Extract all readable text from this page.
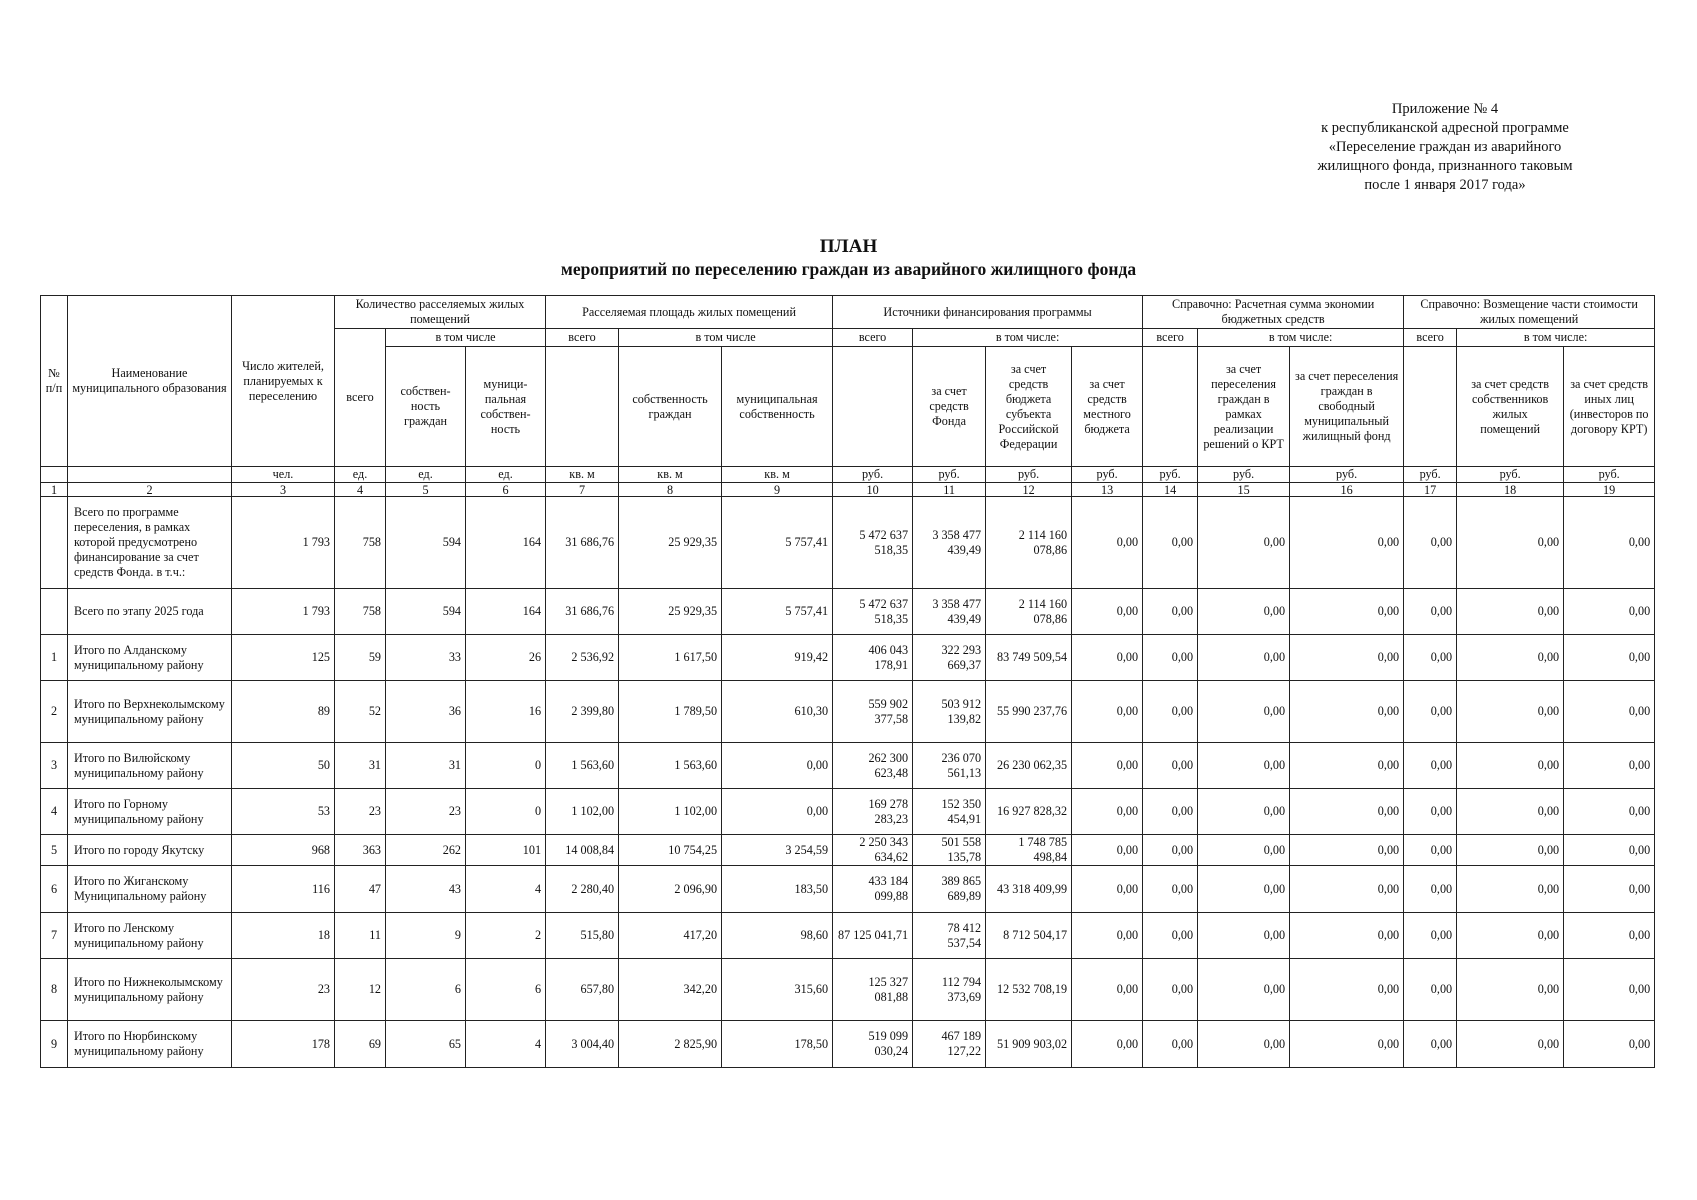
Приложение № 4
к республиканской адресной программе
«Переселение граждан из аварийного
жилищного фонда, признанного таковым
после 1 января 2017 года»
ПЛАН
мероприятий по переселению граждан из аварийного жилищного фонда
№ п/п	Наименование муниципального образования	Число жителей, планируемых к переселению	Количество расселяемых жилых помещений			Расселяемая площадь жилых помещений			Источники финансирования программы				Справочно: Расчетная сумма экономии бюджетных средств			Справочно: Возмещение части стоимости жилых помещений		
			всего	в том числе		всего	в том числе		всего	в том числе:			всего	в том числе:		всего	в том числе:	
				собствен-ность граждан	муници-пальная собствен-ность		собственность граждан	муниципальная собственность		за счет средств Фонда	за счет средств бюджета субъекта Российской Федерации	за счет средств местного бюджета		за счет переселения граждан в рамках реализации решений о КРТ	за счет переселения граждан в свободный муниципальный жилищный фонд		за счет средств собственников жилых помещений	за счет средств иных лиц (инвесторов по договору КРТ)
		чел.	ед.	ед.	ед.	кв. м	кв. м	кв. м	руб.	руб.	руб.	руб.	руб.	руб.	руб.	руб.	руб.	руб.
1	2	3	4	5	6	7	8	9	10	11	12	13	14	15	16	17	18	19
	Всего по программе переселения, в рамках которой предусмотрено финансирование за счет средств Фонда. в т.ч.:	1 793	758	594	164	31 686,76	25 929,35	5 757,41	5 472 637 518,35	3 358 477 439,49	2 114 160 078,86	0,00	0,00	0,00	0,00	0,00	0,00	0,00
	Всего по этапу 2025 года	1 793	758	594	164	31 686,76	25 929,35	5 757,41	5 472 637 518,35	3 358 477 439,49	2 114 160 078,86	0,00	0,00	0,00	0,00	0,00	0,00	0,00
1	Итого по Алданскому муниципальному району	125	59	33	26	2 536,92	1 617,50	919,42	406 043 178,91	322 293 669,37	83 749 509,54	0,00	0,00	0,00	0,00	0,00	0,00	0,00
2	Итого по Верхнеколымскому муниципальному району	89	52	36	16	2 399,80	1 789,50	610,30	559 902 377,58	503 912 139,82	55 990 237,76	0,00	0,00	0,00	0,00	0,00	0,00	0,00
3	Итого по Вилюйскому муниципальному району	50	31	31	0	1 563,60	1 563,60	0,00	262 300 623,48	236 070 561,13	26 230 062,35	0,00	0,00	0,00	0,00	0,00	0,00	0,00
4	Итого по Горному муниципальному району	53	23	23	0	1 102,00	1 102,00	0,00	169 278 283,23	152 350 454,91	16 927 828,32	0,00	0,00	0,00	0,00	0,00	0,00	0,00
5	Итого по городу Якутску	968	363	262	101	14 008,84	10 754,25	3 254,59	2 250 343 634,62	501 558 135,78	1 748 785 498,84	0,00	0,00	0,00	0,00	0,00	0,00	0,00
6	Итого по Жиганскому Муниципальному району	116	47	43	4	2 280,40	2 096,90	183,50	433 184 099,88	389 865 689,89	43 318 409,99	0,00	0,00	0,00	0,00	0,00	0,00	0,00
7	Итого по Ленскому муниципальному району	18	11	9	2	515,80	417,20	98,60	87 125 041,71	78 412 537,54	8 712 504,17	0,00	0,00	0,00	0,00	0,00	0,00	0,00
8	Итого по Нижнеколымскому муниципальному району	23	12	6	6	657,80	342,20	315,60	125 327 081,88	112 794 373,69	12 532 708,19	0,00	0,00	0,00	0,00	0,00	0,00	0,00
9	Итого по Нюрбинскому муниципальному району	178	69	65	4	3 004,40	2 825,90	178,50	519 099 030,24	467 189 127,22	51 909 903,02	0,00	0,00	0,00	0,00	0,00	0,00	0,00
